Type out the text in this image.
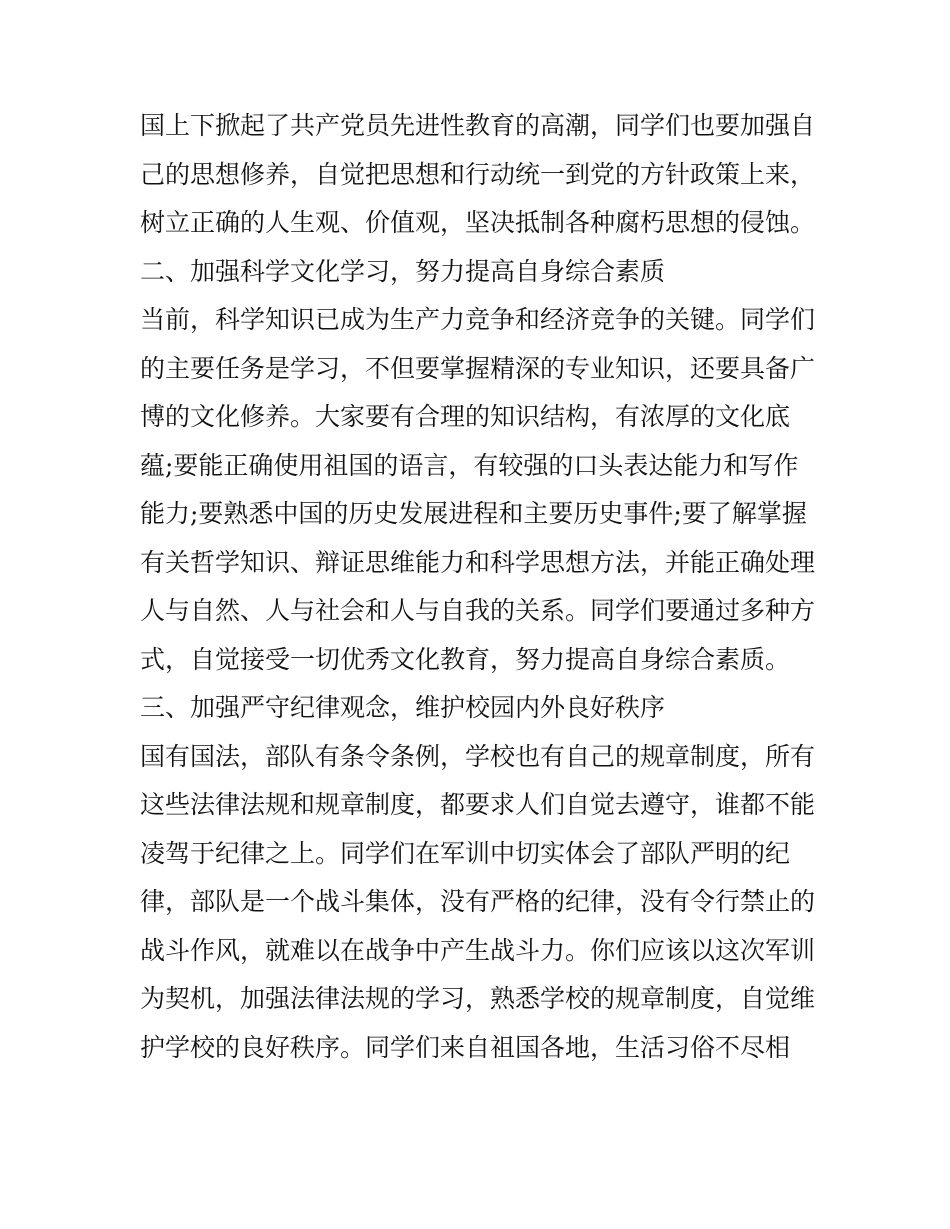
国上下掀起了共产党员先进性教育的高潮，同学们也要加强自
己的思想修养，自觉把思想和行动统一到党的方针政策上来，
树立正确的人生观、价值观，坚决抵制各种腐朽思想的侵蚀。
二、加强科学文化学习，努力提高自身综合素质
当前，科学知识已成为生产力竞争和经济竞争的关键。同学们
的主要任务是学习，不但要掌握精深的专业知识，还要具备广
博的文化修养。大家要有合理的知识结构，有浓厚的文化底
蕴;要能正确使用祖国的语言，有较强的口头表达能力和写作
能力;要熟悉中国的历史发展进程和主要历史事件;要了解掌握
有关哲学知识、辩证思维能力和科学思想方法，并能正确处理
人与自然、人与社会和人与自我的关系。同学们要通过多种方
式，自觉接受一切优秀文化教育，努力提高自身综合素质。
三、加强严守纪律观念，维护校园内外良好秩序
国有国法，部队有条令条例，学校也有自己的规章制度，所有
这些法律法规和规章制度，都要求人们自觉去遵守，谁都不能
凌驾于纪律之上。同学们在军训中切实体会了部队严明的纪
律，部队是一个战斗集体，没有严格的纪律，没有令行禁止的
战斗作风，就难以在战争中产生战斗力。你们应该以这次军训
为契机，加强法律法规的学习，熟悉学校的规章制度，自觉维
护学校的良好秩序。同学们来自祖国各地，生活习俗不尽相
